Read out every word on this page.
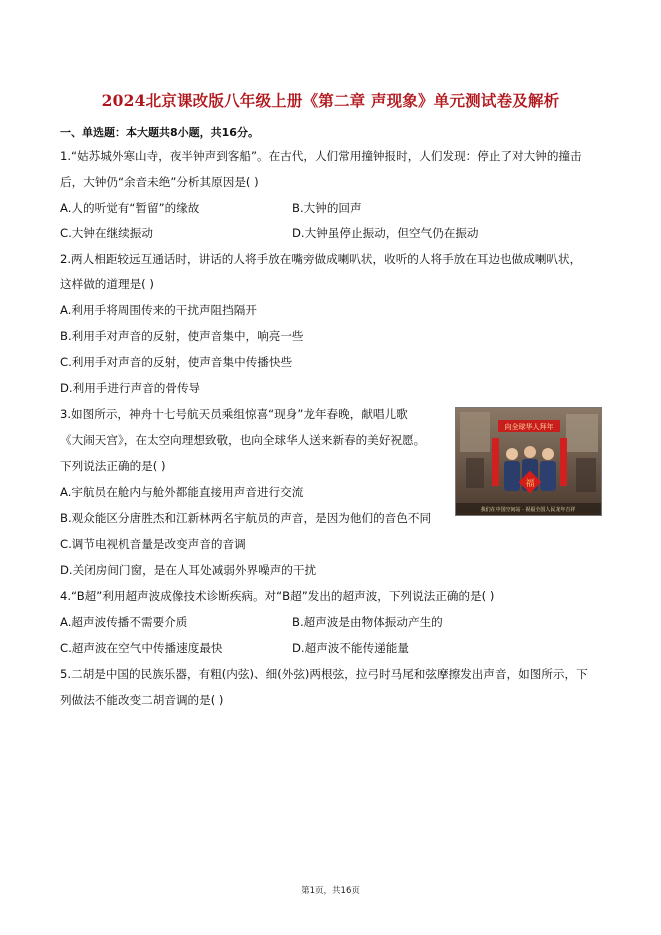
2024北京课改版八年级上册《第二章 声现象》单元测试卷及解析
一、单选题：本大题共8小题，共16分。
1.“姑苏城外寒山寺，夜半钟声到客船”。在古代，人们常用撞钟报时，人们发现：停止了对大钟的撞击
后，大钟仍“余音未绝”分析其原因是( )
A.人的听觉有“暂留”的缘故	B.大钟的回声
C.大钟在继续振动	D.大钟虽停止振动，但空气仍在振动
2.两人相距较远互通话时，讲话的人将手放在嘴旁做成喇叭状，收听的人将手放在耳边也做成喇叭状，
这样做的道理是( )
A.利用手将周围传来的干扰声阻挡隔开
B.利用手对声音的反射，使声音集中，响亮一些
C.利用手对声音的反射，使声音集中传播快些
D.利用手进行声音的骨传导
3.如图所示，神舟十七号航天员乘组惊喜“现身”龙年春晚，献唱儿歌
《大闹天宫》，在太空向理想致敬，也向全球华人送来新春的美好祝愿。
下列说法正确的是( )
A.宇航员在舱内与舱外都能直接用声音进行交流
B.观众能区分唐胜杰和江新林两名宇航员的声音，是因为他们的音色不同
C.调节电视机音量是改变声音的音调
D.关闭房间门窗，是在人耳处减弱外界噪声的干扰
向全球华人拜年
福
我们在中国空间站 · 祝福全国人民龙年吉祥
4.“B超”利用超声波成像技术诊断疾病。对“B超”发出的超声波，下列说法正确的是( )
A.超声波传播不需要介质	B.超声波是由物体振动产生的
C.超声波在空气中传播速度最快	D.超声波不能传递能量
5.二胡是中国的民族乐器，有粗(内弦)、细(外弦)两根弦，拉弓时马尾和弦摩擦发出声音，如图所示，下
列做法不能改变二胡音调的是( )
第1页，共16页
